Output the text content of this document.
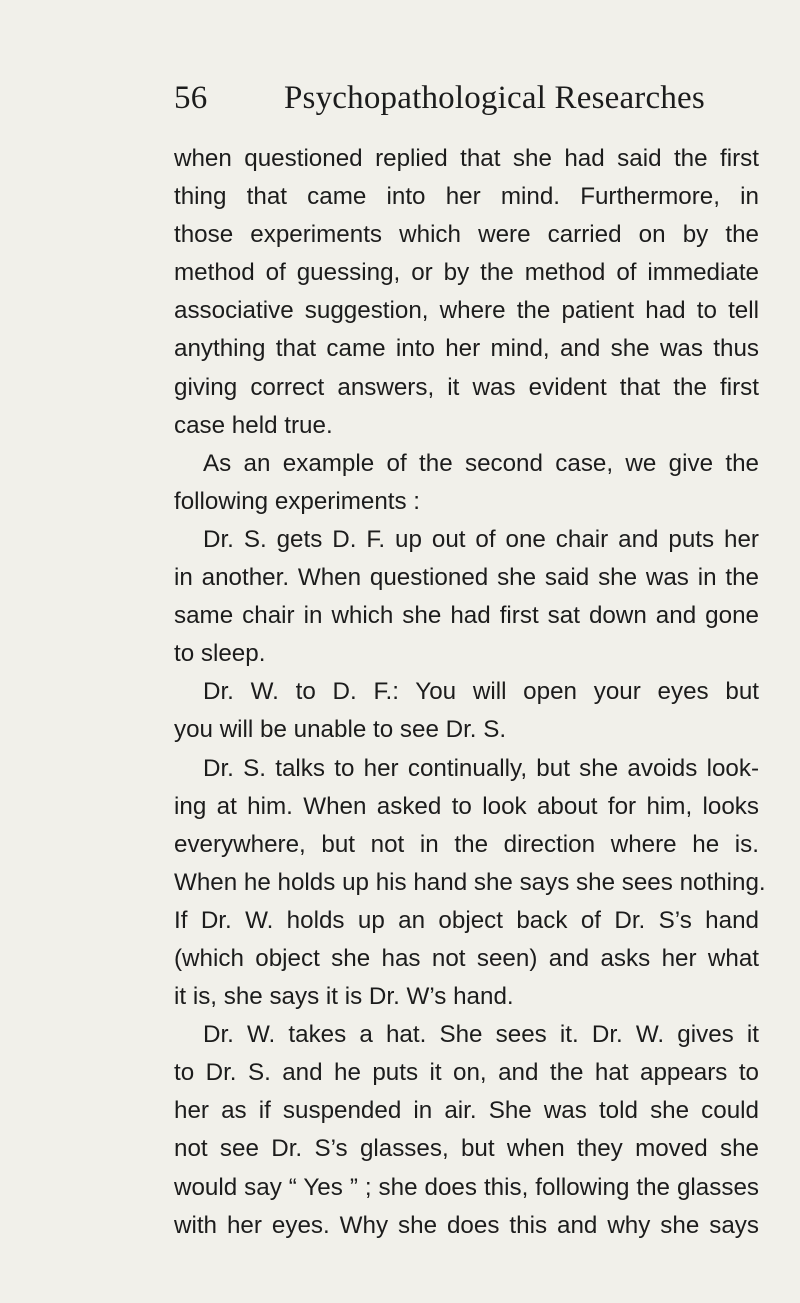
56 Psychopathological Researches
when questioned replied that she had said the first
thing that came into her mind. Furthermore, in
those experiments which were carried on by the
method of guessing, or by the method of immediate
associative suggestion, where the patient had to tell
anything that came into her mind, and she was thus
giving correct answers, it was evident that the first
case held true.
As an example of the second case, we give the
following experiments :
Dr. S. gets D. F. up out of one chair and puts her
in another. When questioned she said she was in the
same chair in which she had first sat down and gone
to sleep.
Dr. W. to D. F.: You will open your eyes but
you will be unable to see Dr. S.
Dr. S. talks to her continually, but she avoids look-
ing at him. When asked to look about for him, looks
everywhere, but not in the direction where he is.
When he holds up his hand she says she sees nothing.
If Dr. W. holds up an object back of Dr. S’s hand
(which object she has not seen) and asks her what
it is, she says it is Dr. W’s hand.
Dr. W. takes a hat. She sees it. Dr. W. gives it
to Dr. S. and he puts it on, and the hat appears to
her as if suspended in air. She was told she could
not see Dr. S’s glasses, but when they moved she
would say “ Yes ” ; she does this, following the glasses
with her eyes. Why she does this and why she says
